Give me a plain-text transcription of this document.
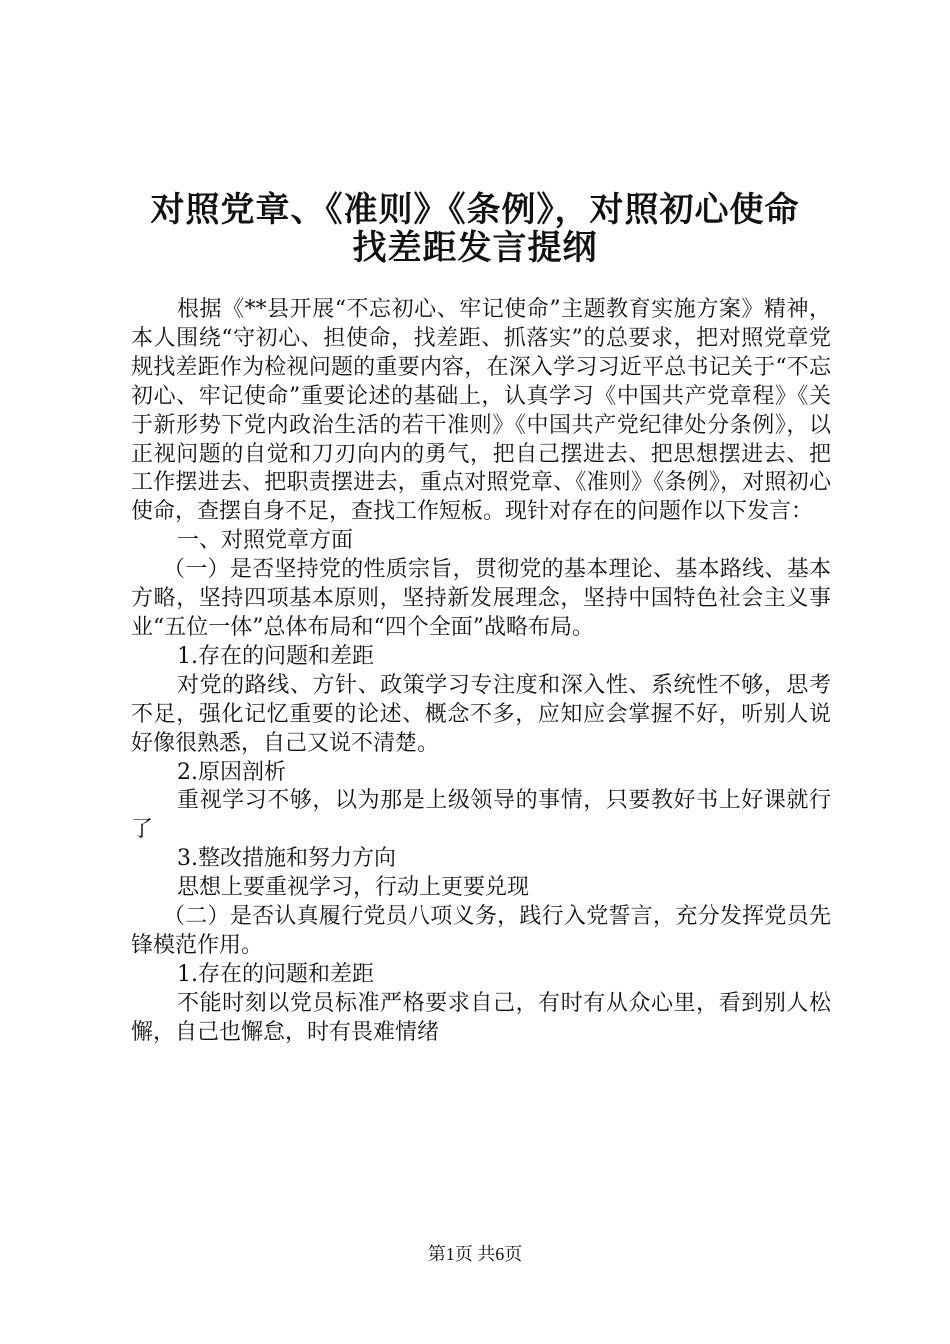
对照党章、《准则》《条例》，对照初心使命
找差距发言提纲

根据《**县开展“不忘初心、牢记使命”主题教育实施方案》精神，本人围绕“守初心、担使命，找差距、抓落实”的总要求，把对照党章党规找差距作为检视问题的重要内容，在深入学习习近平总书记关于“不忘初心、牢记使命”重要论述的基础上，认真学习《中国共产党章程》《关于新形势下党内政治生活的若干准则》《中国共产党纪律处分条例》，以正视问题的自觉和刀刃向内的勇气，把自己摆进去、把思想摆进去、把工作摆进去、把职责摆进去，重点对照党章、《准则》《条例》，对照初心使命，查摆自身不足，查找工作短板。现针对存在的问题作以下发言：

一、对照党章方面

（一）是否坚持党的性质宗旨，贯彻党的基本理论、基本路线、基本方略，坚持四项基本原则，坚持新发展理念，坚持中国特色社会主义事业“五位一体”总体布局和“四个全面”战略布局。

1.存在的问题和差距

对党的路线、方针、政策学习专注度和深入性、系统性不够，思考不足，强化记忆重要的论述、概念不多，应知应会掌握不好，听别人说好像很熟悉，自己又说不清楚。

2.原因剖析

重视学习不够，以为那是上级领导的事情，只要教好书上好课就行了

3.整改措施和努力方向

思想上要重视学习，行动上更要兑现

（二）是否认真履行党员八项义务，践行入党誓言，充分发挥党员先锋模范作用。

1.存在的问题和差距

不能时刻以党员标准严格要求自己，有时有从众心里，看到别人松懈，自己也懈怠，时有畏难情绪

第1页 共6页
